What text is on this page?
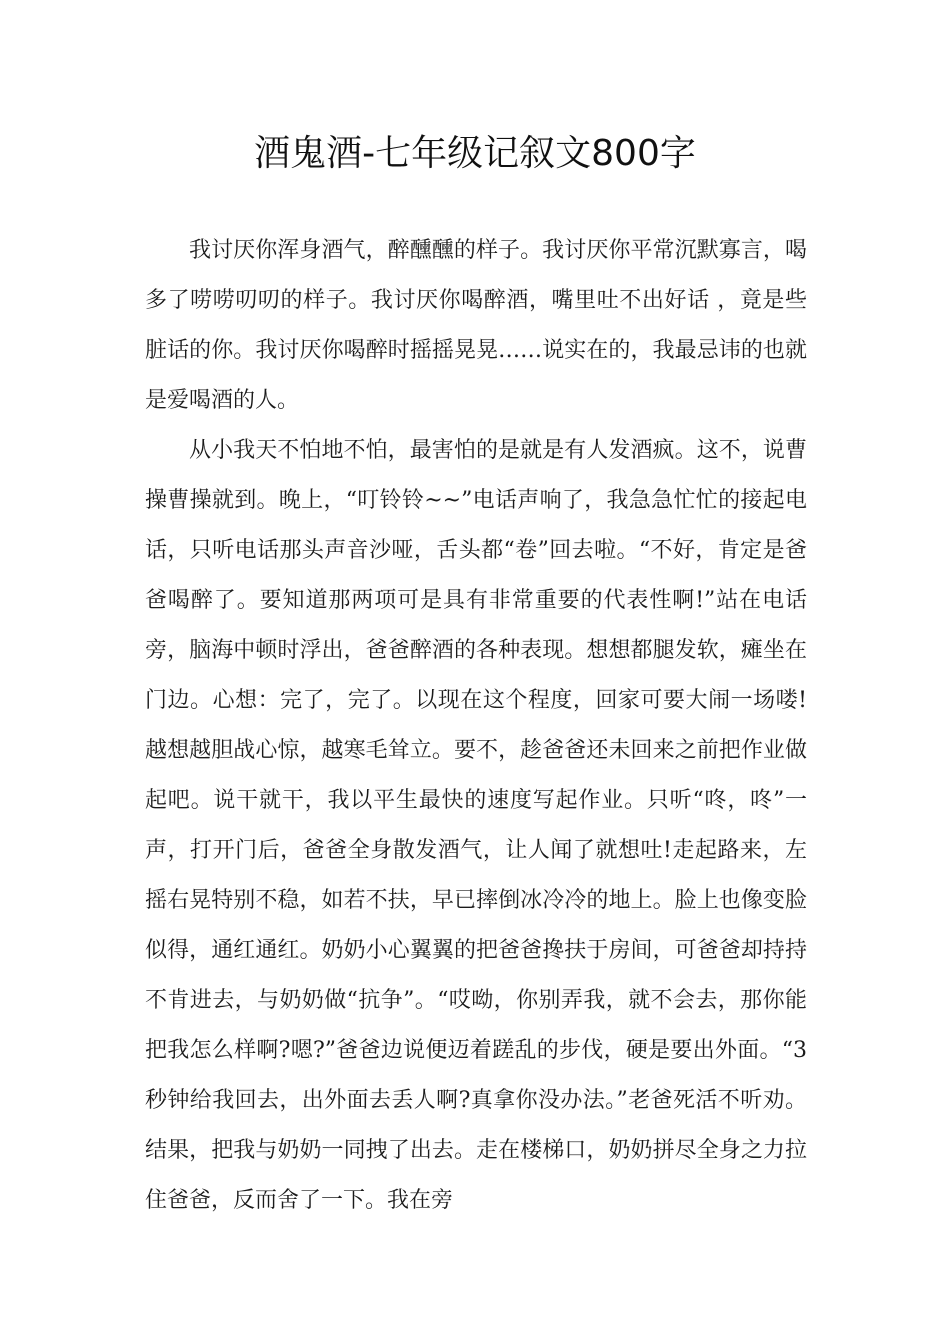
酒鬼酒-七年级记叙文800字

我讨厌你浑身酒气，醉醺醺的样子。我讨厌你平常沉默寡言，喝多了唠唠叨叨的样子。我讨厌你喝醉酒，嘴里吐不出好话 ，竟是些脏话的你。我讨厌你喝醉时摇摇晃晃……说实在的，我最忌讳的也就是爱喝酒的人。

从小我天不怕地不怕，最害怕的是就是有人发酒疯。这不，说曹操曹操就到。晚上，“叮铃铃~~”电话声响了，我急急忙忙的接起电话，只听电话那头声音沙哑，舌头都“卷”回去啦。“不好，肯定是爸爸喝醉了。要知道那两项可是具有非常重要的代表性啊!”站在电话旁，脑海中顿时浮出，爸爸醉酒的各种表现。想想都腿发软，瘫坐在门边。心想：完了，完了。以现在这个程度，回家可要大闹一场喽!越想越胆战心惊，越寒毛耸立。要不，趁爸爸还未回来之前把作业做起吧。说干就干，我以平生最快的速度写起作业。只听“咚，咚”一声，打开门后，爸爸全身散发酒气，让人闻了就想吐!走起路来，左摇右晃特别不稳，如若不扶，早已摔倒冰冷冷的地上。脸上也像变脸似得，通红通红。奶奶小心翼翼的把爸爸搀扶于房间，可爸爸却持持不肯进去，与奶奶做“抗争”。“哎呦，你别弄我，就不会去，那你能把我怎么样啊?嗯?”爸爸边说便迈着蹉乱的步伐，硬是要出外面。“3秒钟给我回去，出外面去丢人啊?真拿你没办法。”老爸死活不听劝。结果，把我与奶奶一同拽了出去。走在楼梯口，奶奶拼尽全身之力拉住爸爸，反而舍了一下。我在旁
